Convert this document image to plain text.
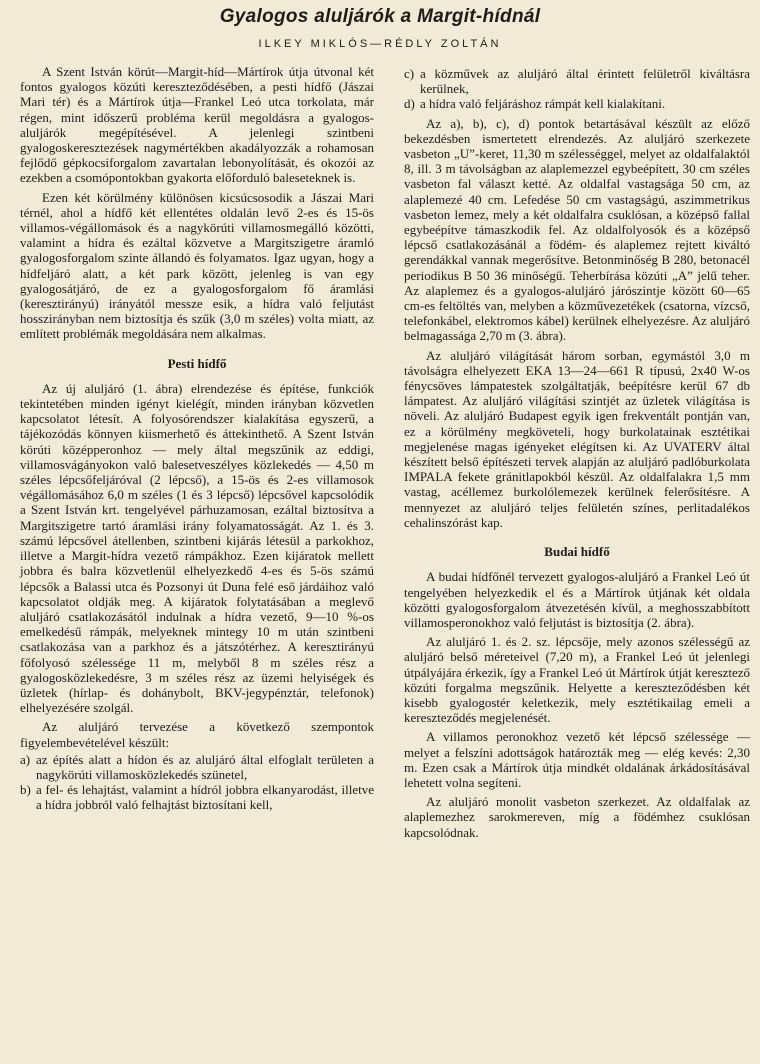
Gyalogos aluljárók a Margit-hídnál
ILKEY MIKLÓS—RÉDLY ZOLTÁN

A Szent István körút—Margit-híd—Mártírok útja útvonal két fontos gyalogos közúti kereszteződésében, a pesti hídfő (Jászai Mari tér) és a Mártírok útja—Frankel Leó utca torkolata, már régen, mint időszerű probléma kerül megoldásra a gyalogos-aluljárók megépítésével. A jelenlegi szintbeni gyalogoskeresztezések nagymértékben akadályozzák a rohamosan fejlődő gépkocsiforgalom zavartalan lebonyolítását, és okozói az ezekben a csomópontokban gyakorta előforduló baleseteknek is.

Ezen két körülmény különösen kicsúcsosodik a Jászai Mari térnél, ahol a hídfő két ellentétes oldalán levő 2-es és 15-ös villamos-végállomások és a nagykörúti villamosmegálló közötti, valamint a hídra és ezáltal közvetve a Margitszigetre áramló gyalogosforgalom szinte állandó és folyamatos. Igaz ugyan, hogy a hídfeljáró alatt, a két park között, jelenleg is van egy gyalogosátjáró, de ez a gyalogosforgalom fő áramlási (keresztirányú) irányától messze esik, a hídra való feljutást hosszirányban nem biztosítja és szűk (3,0 m széles) volta miatt, az említett problémák megoldására nem alkalmas.

Pesti hídfő

Az új aluljáró (1. ábra) elrendezése és építése, funkciók tekintetében minden igényt kielégít, minden irányban közvetlen kapcsolatot létesít. A folyosórendszer kialakítása egyszerű, a tájékozódás könnyen kiismerhető és áttekinthető. A Szent István körúti középperonhoz — mely által megszűnik az eddigi, villamosvágányokon való balesetveszélyes közlekedés — 4,50 m széles lépcsőfeljáróval (2 lépcső), a 15-ös és 2-es villamosok végállomásához 6,0 m széles (1 és 3 lépcső) lépcsővel kapcsolódik a Szent István krt. tengelyével párhuzamosan, ezáltal biztosítva a Margitszigetre tartó áramlási irány folyamatosságát. Az 1. és 3. számú lépcsővel átellenben, szintbeni kijárás létesül a parkokhoz, illetve a Margit-hídra vezető rámpákhoz. Ezen kijáratok mellett jobbra és balra közvetlenül elhelyezkedő 4-es és 5-ös számú lépcsők a Balassi utca és Pozsonyi út Duna felé eső járdáihoz való kapcsolatot oldják meg. A kijáratok folytatásában a meglevő aluljáró csatlakozásától indulnak a hídra vezető, 9—10 %-os emelkedésű rámpák, melyeknek mintegy 10 m után szintbeni csatlakozása van a parkhoz és a játszótérhez. A keresztirányú főfolyosó szélessége 11 m, melyből 8 m széles rész a gyalogosközlekedésre, 3 m széles rész az üzemi helyiségek és üzletek (hírlap- és dohánybolt, BKV-jegypénztár, telefonok) elhelyezésére szolgál.

Az aluljáró tervezése a következő szempontok figyelembevételével készült:

a) az építés alatt a hídon és az aluljáró által elfoglalt területen a nagykörúti villamosközlekedés szünetel,
b) a fel- és lehajtást, valamint a hídról jobbra elkanyarodást, illetve a hídra jobbról való felhajtást biztosítani kell,
c) a közművek az aluljáró által érintett felületről kiváltásra kerülnek,
d) a hídra való feljáráshoz rámpát kell kialakítani.

Az a), b), c), d) pontok betartásával készült az előző bekezdésben ismertetett elrendezés. Az aluljáró szerkezete vasbeton „U”-keret, 11,30 m szélességgel, melyet az oldalfalaktól 8, ill. 3 m távolságban az alaplemezzel egybeépített, 30 cm széles vasbeton fal választ ketté. Az oldalfal vastagsága 50 cm, az alaplemezé 40 cm. Lefedése 50 cm vastagságú, aszimmetrikus vasbeton lemez, mely a két oldalfalra csuklósan, a középső fallal egybeépítve támaszkodik fel. Az oldalfolyosók és a középső lépcső csatlakozásánál a födém- és alaplemez rejtett kiváltó gerendákkal vannak megerősítve. Betonminőség B 280, betonacél periodikus B 50 36 minőségű. Teherbírása közúti „A” jelű teher. Az alaplemez és a gyalogos-aluljáró járószintje között 60—65 cm-es feltöltés van, melyben a közművezetékek (csatorna, vízcső, telefonkábel, elektromos kábel) kerülnek elhelyezésre. Az aluljáró belmagassága 2,70 m (3. ábra).

Az aluljáró világítását három sorban, egymástól 3,0 m távolságra elhelyezett EKA 13—24—661 R típusú, 2x40 W-os fénycsöves lámpatestek szolgáltatják, beépítésre kerül 67 db lámpatest. Az aluljáró világítási szintjét az üzletek világítása is növeli. Az aluljáró Budapest egyik igen frekventált pontján van, ez a körülmény megköveteli, hogy burkolatainak esztétikai megjelenése magas igényeket elégítsen ki. Az UVATERV által készített belső építészeti tervek alapján az aluljáró padlóburkolata IMPALA fekete gránitlapokból készül. Az oldalfalakra 1,5 mm vastag, acéllemez burkolólemezek kerülnek felerősítésre. A mennyezet az aluljáró teljes felületén színes, perlitadalékos cehalinszórást kap.

Budai hídfő

A budai hídfőnél tervezett gyalogos-aluljáró a Frankel Leó út tengelyében helyezkedik el és a Mártírok útjának két oldala közötti gyalogosforgalom átvezetésén kívül, a meghosszabbított villamosperonokhoz való feljutást is biztosítja (2. ábra).

Az aluljáró 1. és 2. sz. lépcsője, mely azonos szélességű az aluljáró belső méreteivel (7,20 m), a Frankel Leó út jelenlegi útpályájára érkezik, így a Frankel Leó út Mártírok útját keresztező közúti forgalma megszűnik. Helyette a kereszteződésben két kisebb gyalogostér keletkezik, mely esztétikailag emeli a kereszteződés megjelenését.

A villamos peronokhoz vezető két lépcső szélessége — melyet a felszíni adottságok határozták meg — elég kevés: 2,30 m. Ezen csak a Mártírok útja mindkét oldalának árkádosításával lehetett volna segíteni.

Az aluljáró monolit vasbeton szerkezet. Az oldalfalak az alaplemezhez sarokmereven, míg a födémhez csuklósan kapcsolódnak.
